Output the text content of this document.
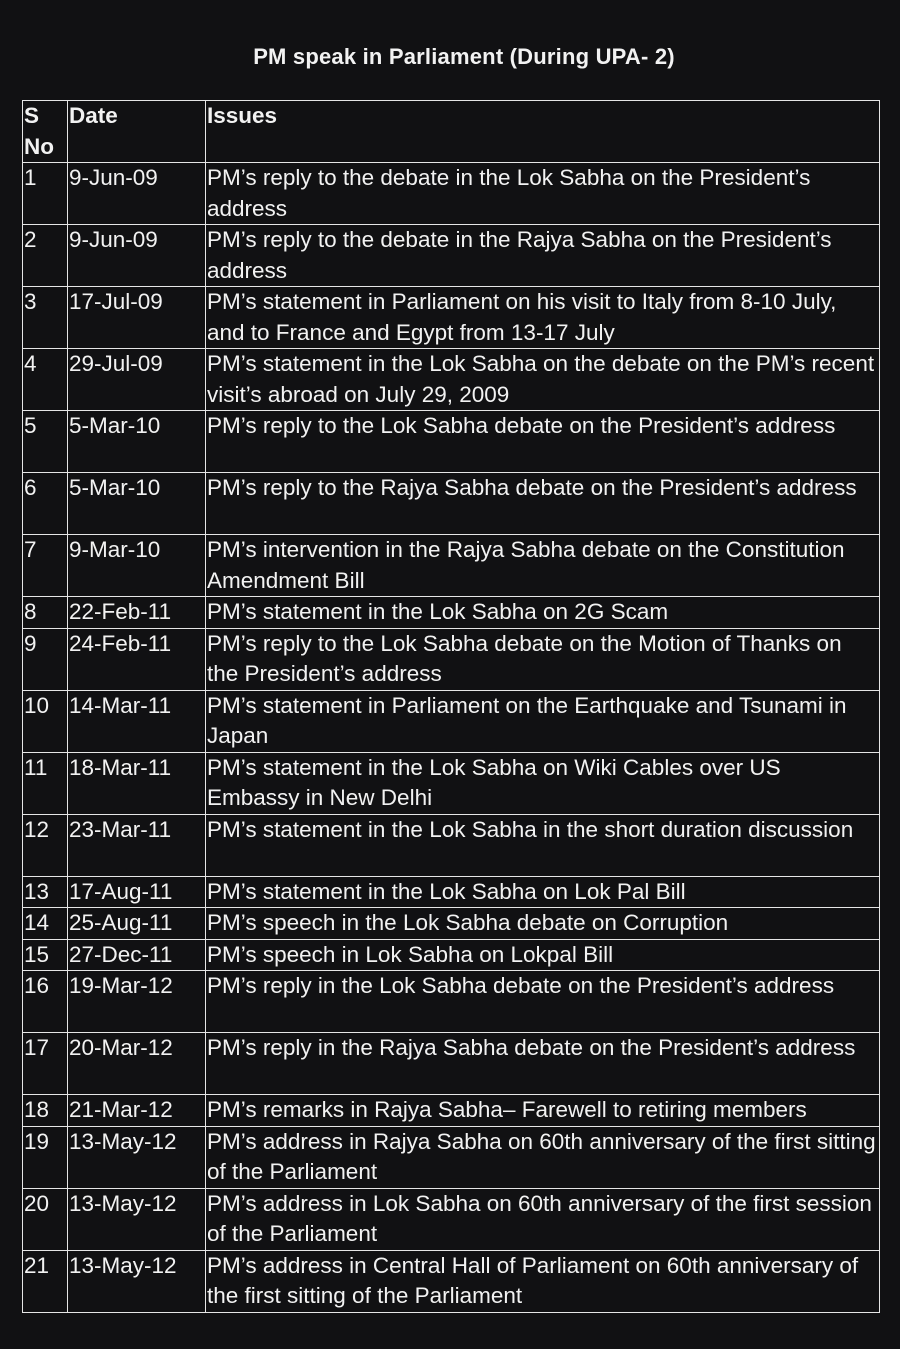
PM speak in Parliament (During UPA- 2)
S No	Date	Issues
1	9-Jun-09	PM’s reply to the debate in the Lok Sabha on the President’s address
2	9-Jun-09	PM’s reply to the debate in the Rajya Sabha on the President’s address
3	17-Jul-09	PM’s statement in Parliament on his visit to Italy from 8-10 July, and to France and Egypt from 13-17 July
4	29-Jul-09	PM’s statement in the Lok Sabha on the debate on the PM’s recent visit’s abroad on July 29, 2009
5	5-Mar-10	PM’s reply to the Lok Sabha debate on the President’s address
6	5-Mar-10	PM’s reply to the Rajya Sabha debate on the President’s address
7	9-Mar-10	PM’s intervention in the Rajya Sabha debate on the Constitution Amendment Bill
8	22-Feb-11	PM’s statement in the Lok Sabha on 2G Scam
9	24-Feb-11	PM’s reply to the Lok Sabha debate on the Motion of Thanks on the President’s address
10	14-Mar-11	PM’s statement in Parliament on the Earthquake and Tsunami in Japan
11	18-Mar-11	PM’s statement in the Lok Sabha on Wiki Cables over US Embassy in New Delhi
12	23-Mar-11	PM’s statement in the Lok Sabha in the short duration discussion
13	17-Aug-11	PM’s statement in the Lok Sabha on Lok Pal Bill
14	25-Aug-11	PM’s speech in the Lok Sabha debate on Corruption
15	27-Dec-11	PM’s speech in Lok Sabha on Lokpal Bill
16	19-Mar-12	PM’s reply in the Lok Sabha debate on the President’s address
17	20-Mar-12	PM’s reply in the Rajya Sabha debate on the President’s address
18	21-Mar-12	PM’s remarks in Rajya Sabha– Farewell to retiring members
19	13-May-12	PM’s address in Rajya Sabha on 60th anniversary of the first sitting of the Parliament
20	13-May-12	PM’s address in Lok Sabha on 60th anniversary of the first session of the Parliament
21	13-May-12	PM’s address in Central Hall of Parliament on 60th anniversary of the first sitting of the Parliament
